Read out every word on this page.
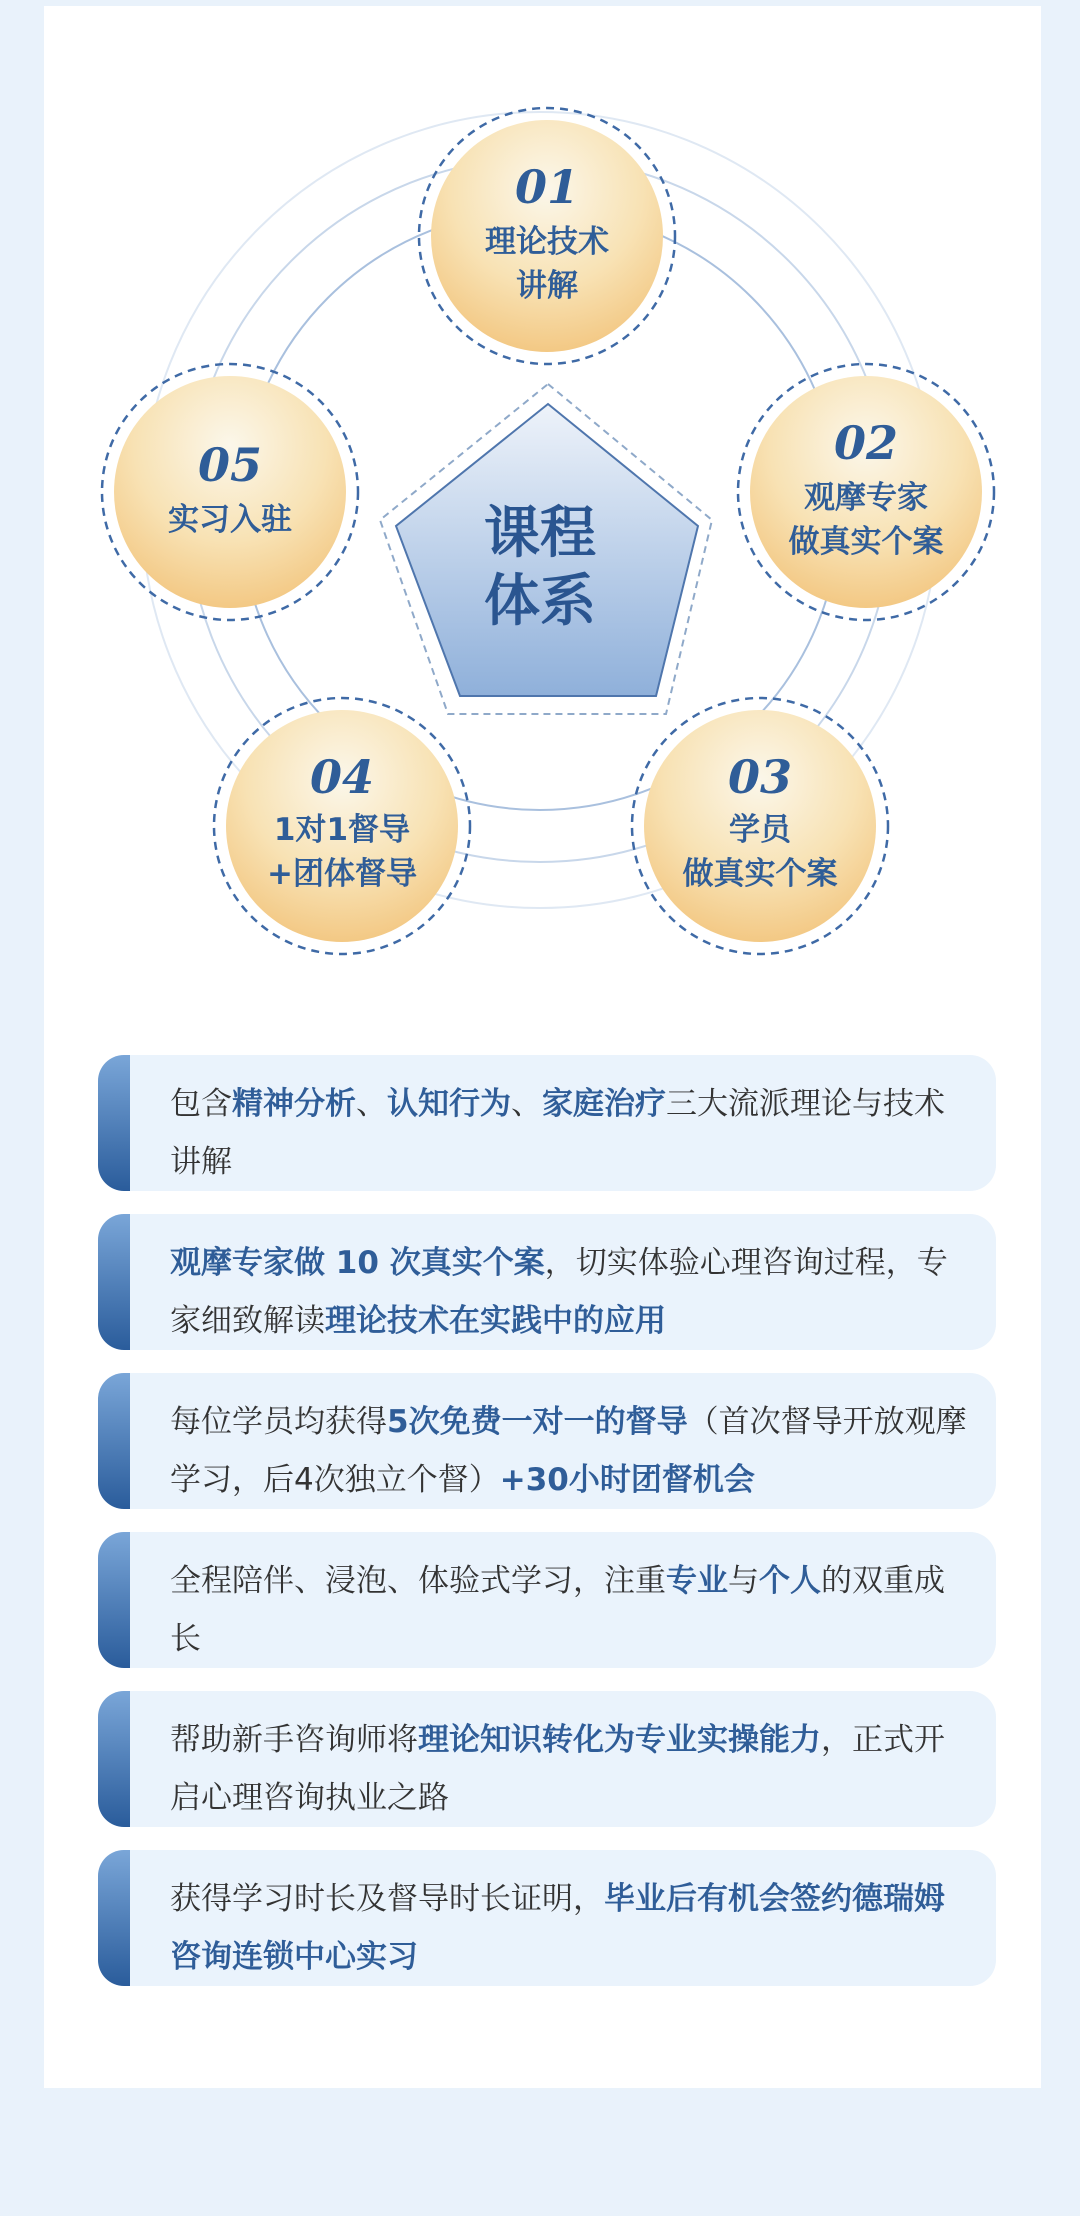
课程
体系
01
理论技术
讲解
02
观摩专家
做真实个案
03
学员
做真实个案
04
1对1督导
+团体督导
05
实习入驻
包含精神分析、认知行为、家庭治疗三大流派理论与技术讲解
观摩专家做 10 次真实个案，切实体验心理咨询过程，专家细致解读理论技术在实践中的应用
每位学员均获得5次免费一对一的督导（首次督导开放观摩学习，后4次独立个督）+30小时团督机会
全程陪伴、浸泡、体验式学习，注重专业与个人的双重成长
帮助新手咨询师将理论知识转化为专业实操能力，正式开启心理咨询执业之路
获得学习时长及督导时长证明，毕业后有机会签约德瑞姆咨询连锁中心实习
